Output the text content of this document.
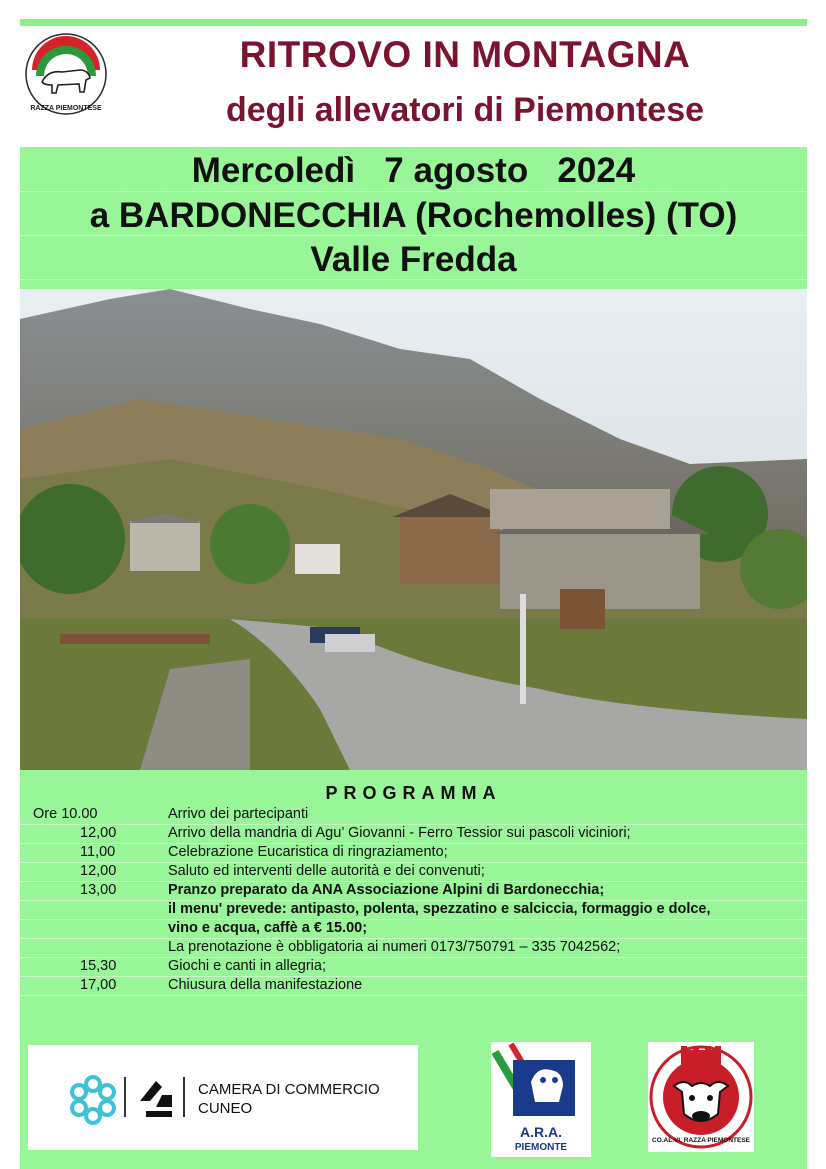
RAZZA PIEMONTESE
RITROVO IN MONTAGNA
degli allevatori di Piemontese
Mercoledì   7 agosto   2024
a BARDONECCHIA (Rochemolles) (TO)
Valle Fredda
PROGRAMMA
Ore 10.00	Arrivo dei partecipanti
12,00	Arrivo della mandria di Agu’ Giovanni - Ferro Tessior sui pascoli viciniori;
11,00	Celebrazione Eucaristica di ringraziamento;
12,00	Saluto ed interventi delle autorità e dei convenuti;
13,00	Pranzo preparato da ANA Associazione Alpini di Bardonecchia;
il menu' prevede: antipasto, polenta, spezzatino e salciccia, formaggio e dolce,
vino e acqua, caffè a € 15.00;
La prenotazione è obbligatoria ai numeri 0173/750791 – 335 7042562;
15,30	Giochi e canti in allegria;
17,00	Chiusura della manifestazione
CAMERA DI COMMERCIO
CUNEO
A.R.A.
PIEMONTE
CO.AL.VI. RAZZA PIEMONTESE
